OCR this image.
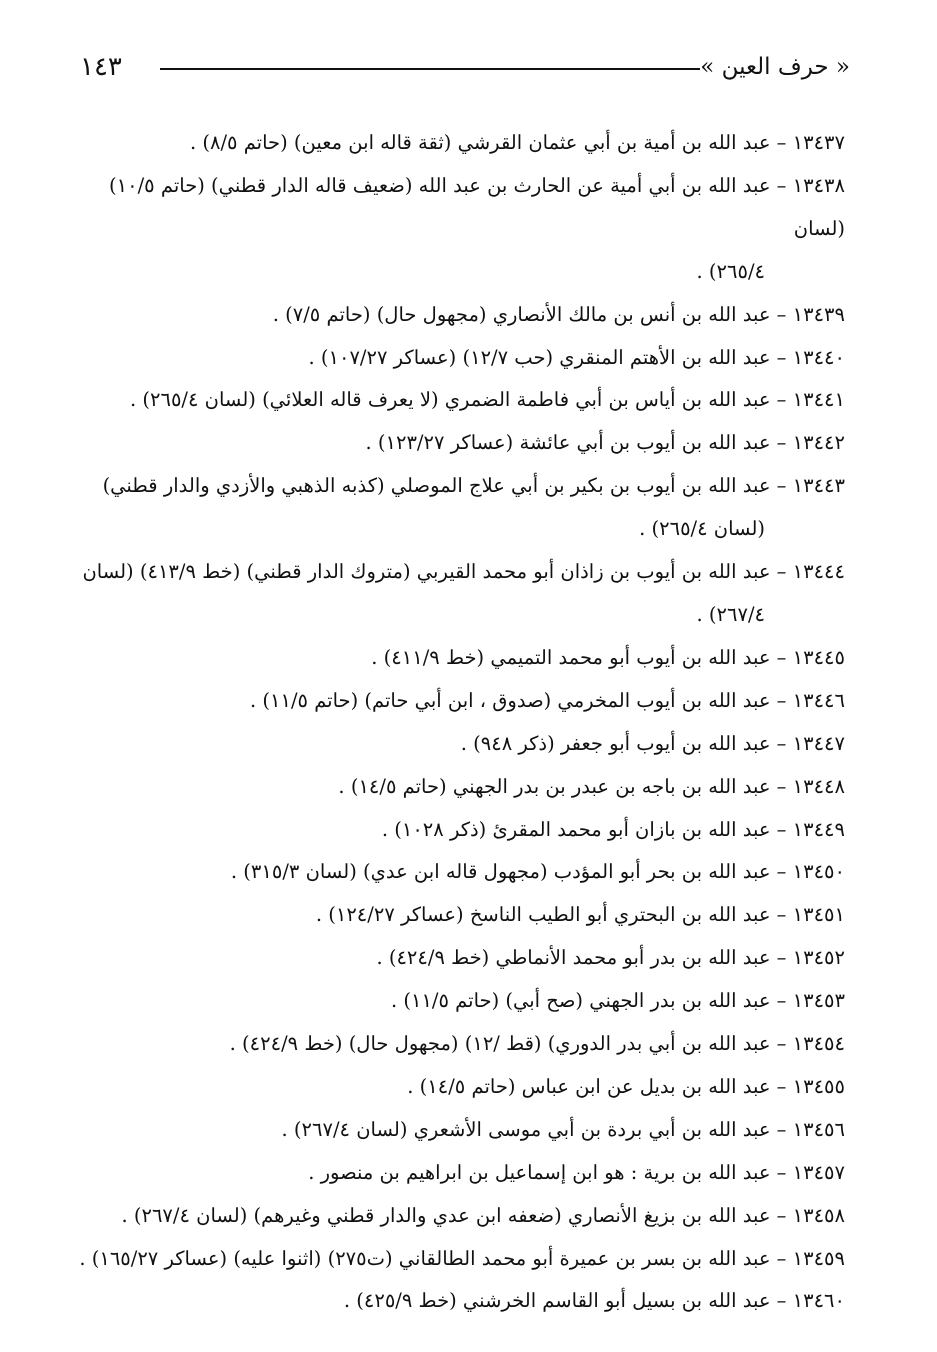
« حرف العين »
١٤٣

١٣٤٣٧ – عبد الله بن أمية بن أبي عثمان القرشي (ثقة قاله ابن معين) (حاتم ٨/٥) .

١٣٤٣٨ – عبد الله بن أبي أمية عن الحارث بن عبد الله (ضعيف قاله الدار قطني) (حاتم ١٠/٥) (لسان

٢٦٥/٤) .

١٣٤٣٩ – عبد الله بن أنس بن مالك الأنصاري (مجهول حال) (حاتم ٧/٥) .

١٣٤٤٠ – عبد الله بن الأهتم المنقري (حب ١٢/٧) (عساكر ١٠٧/٢٧) .

١٣٤٤١ – عبد الله بن أياس بن أبي فاطمة الضمري (لا يعرف قاله العلائي) (لسان ٢٦٥/٤) .

١٣٤٤٢ – عبد الله بن أيوب بن أبي عائشة (عساكر ١٢٣/٢٧) .

١٣٤٤٣ – عبد الله بن أيوب بن بكير بن أبي علاج الموصلي (كذبه الذهبي والأزدي والدار قطني)

(لسان ٢٦٥/٤) .

١٣٤٤٤ – عبد الله بن أيوب بن زاذان أبو محمد القيربي (متروك الدار قطني) (خط ٤١٣/٩) (لسان

٢٦٧/٤) .

١٣٤٤٥ – عبد الله بن أيوب أبو محمد التميمي (خط ٤١١/٩) .

١٣٤٤٦ – عبد الله بن أيوب المخرمي (صدوق ، ابن أبي حاتم) (حاتم ١١/٥) .

١٣٤٤٧ – عبد الله بن أيوب أبو جعفر (ذكر ٩٤٨) .

١٣٤٤٨ – عبد الله بن باجه بن عبدر بن بدر الجهني (حاتم ١٤/٥) .

١٣٤٤٩ – عبد الله بن بازان أبو محمد المقرئ (ذكر ١٠٢٨) .

١٣٤٥٠ – عبد الله بن بحر أبو المؤدب (مجهول قاله ابن عدي) (لسان ٣١٥/٣) .

١٣٤٥١ – عبد الله بن البحتري أبو الطيب الناسخ (عساكر ١٢٤/٢٧) .

١٣٤٥٢ – عبد الله بن بدر أبو محمد الأنماطي (خط ٤٢٤/٩) .

١٣٤٥٣ – عبد الله بن بدر الجهني (صح أبي) (حاتم ١١/٥) .

١٣٤٥٤ – عبد الله بن أبي بدر الدوري) (قط /١٢) (مجهول حال) (خط ٤٢٤/٩) .

١٣٤٥٥ – عبد الله بن بديل عن ابن عباس (حاتم ١٤/٥) .

١٣٤٥٦ – عبد الله بن أبي بردة بن أبي موسى الأشعري (لسان ٢٦٧/٤) .

١٣٤٥٧ – عبد الله بن برية : هو ابن إسماعيل بن ابراهيم بن منصور .

١٣٤٥٨ – عبد الله بن بزيغ الأنصاري (ضعفه ابن عدي والدار قطني وغيرهم) (لسان ٢٦٧/٤) .

١٣٤٥٩ – عبد الله بن بسر بن عميرة أبو محمد الطالقاني (ت٢٧٥) (اثنوا عليه) (عساكر ١٦٥/٢٧) .

١٣٤٦٠ – عبد الله بن بسيل أبو القاسم الخرشني (خط ٤٢٥/٩) .
